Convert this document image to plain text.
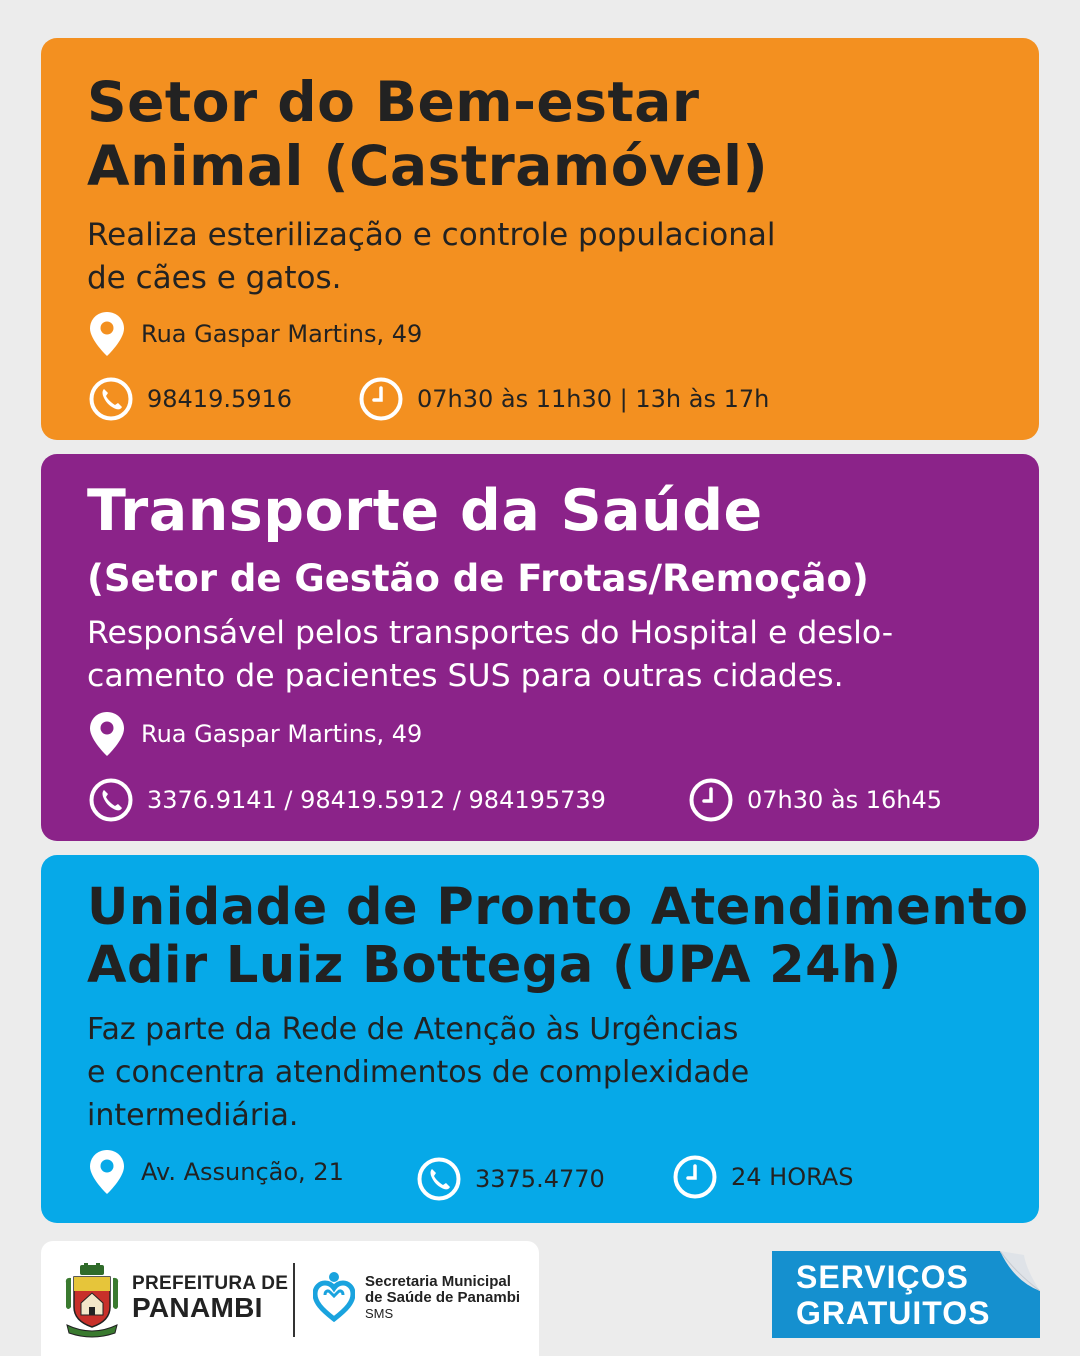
Setor do Bem-estar
Animal (Castramóvel)

Realiza esterilização e controle populacional
de cães e gatos.

Rua Gaspar Martins, 49
98419.5916	07h30 às 11h30 | 13h às 17h
Transporte da Saúde
(Setor de Gestão de Frotas/Remoção)

Responsável pelos transportes do Hospital e deslo-
camento de pacientes SUS para outras cidades.

Rua Gaspar Martins, 49
3376.9141 / 98419.5912 / 984195739	07h30 às 16h45
Unidade de Pronto Atendimento
Adir Luiz Bottega (UPA 24h)

Faz parte da Rede de Atenção às Urgências
e concentra atendimentos de complexidade
intermediária.

Av. Assunção, 21	3375.4770	24 HORAS
PREFEITURA DE
PANAMBI
Secretaria Municipal
de Saúde de Panambi
SMS
SERVIÇOS
GRATUITOS
